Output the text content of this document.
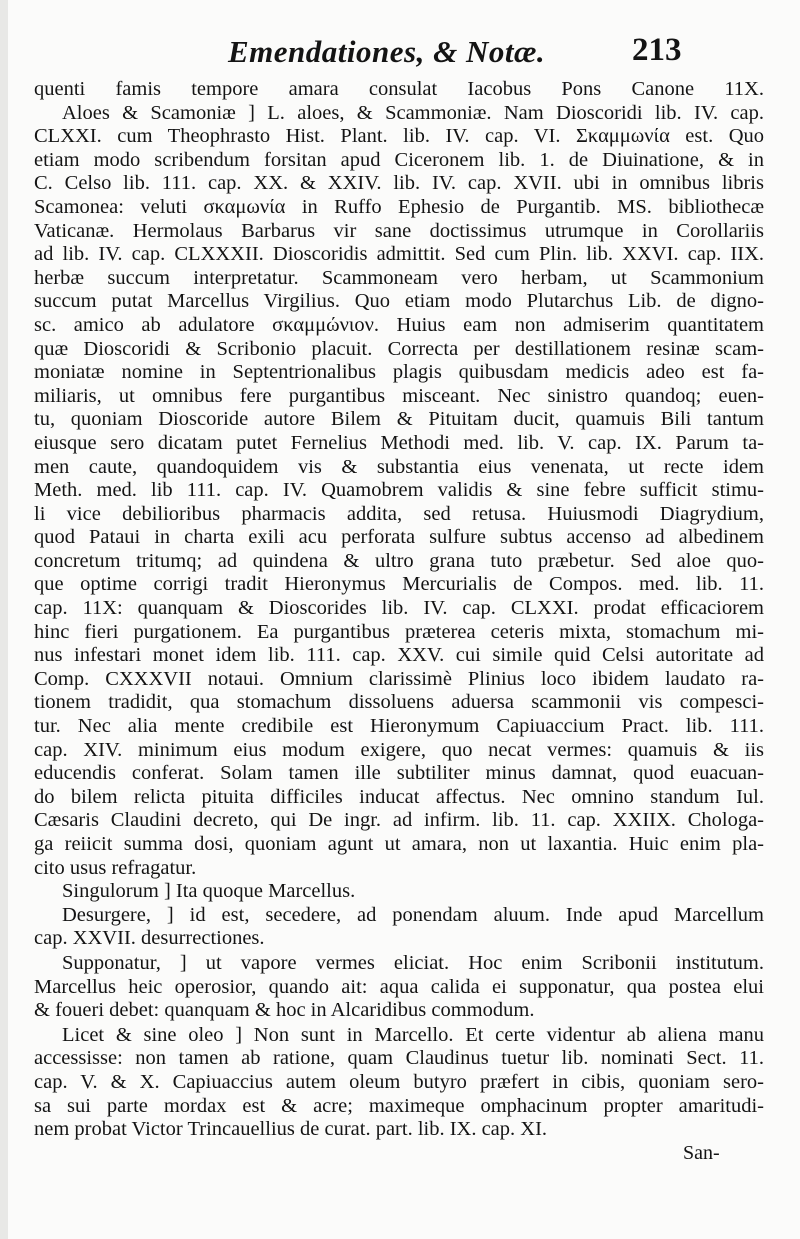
Emendationes, & Notæ.	213
quenti famis tempore amara consulat Iacobus Pons Canone 11X.
Aloes & Scamoniæ ] L. aloes, & Scammoniæ. Nam Dioscoridi lib. IV. cap.
CLXXI. cum Theophrasto Hist. Plant. lib. IV. cap. VI. Σκαμμωνία est. Quo
etiam modo scribendum forsitan apud Ciceronem lib. 1. de Diuinatione, & in
C. Celso lib. 111. cap. XX. & XXIV. lib. IV. cap. XVII. ubi in omnibus libris
Scamonea: veluti σκαμωνία in Ruffo Ephesio de Purgantib. MS. bibliothecæ
Vaticanæ. Hermolaus Barbarus vir sane doctissimus utrumque in Corollariis
ad lib. IV. cap. CLXXXII. Dioscoridis admittit. Sed cum Plin. lib. XXVI. cap. IIX.
herbæ succum interpretatur. Scammoneam vero herbam, ut Scammonium
succum putat Marcellus Virgilius. Quo etiam modo Plutarchus Lib. de digno-
sc. amico ab adulatore σκαμμώνιον. Huius eam non admiserim quantitatem
quæ Dioscoridi & Scribonio placuit. Correcta per destillationem resinæ scam-
moniatæ nomine in Septentrionalibus plagis quibusdam medicis adeo est fa-
miliaris, ut omnibus fere purgantibus misceant. Nec sinistro quandoq; euen-
tu, quoniam Dioscoride autore Bilem & Pituitam ducit, quamuis Bili tantum
eiusque sero dicatam putet Fernelius Methodi med. lib. V. cap. IX. Parum ta-
men caute, quandoquidem vis & substantia eius venenata, ut recte idem
Meth. med. lib 111. cap. IV. Quamobrem validis & sine febre sufficit stimu-
li vice debilioribus pharmacis addita, sed retusa. Huiusmodi Diagrydium,
quod Pataui in charta exili acu perforata sulfure subtus accenso ad albedinem
concretum tritumq; ad quindena & ultro grana tuto præbetur. Sed aloe quo-
que optime corrigi tradit Hieronymus Mercurialis de Compos. med. lib. 11.
cap. 11X: quanquam & Dioscorides lib. IV. cap. CLXXI. prodat efficaciorem
hinc fieri purgationem. Ea purgantibus præterea ceteris mixta, stomachum mi-
nus infestari monet idem lib. 111. cap. XXV. cui simile quid Celsi autoritate ad
Comp. CXXXVII notaui. Omnium clarissimè Plinius loco ibidem laudato ra-
tionem tradidit, qua stomachum dissoluens aduersa scammonii vis compesci-
tur. Nec alia mente credibile est Hieronymum Capiuaccium Pract. lib. 111.
cap. XIV. minimum eius modum exigere, quo necat vermes: quamuis & iis
educendis conferat. Solam tamen ille subtiliter minus damnat, quod euacuan-
do bilem relicta pituita difficiles inducat affectus. Nec omnino standum Iul.
Cæsaris Claudini decreto, qui De ingr. ad infirm. lib. 11. cap. XXIIX. Chologa-
ga reiicit summa dosi, quoniam agunt ut amara, non ut laxantia. Huic enim pla-
cito usus refragatur.
Singulorum ] Ita quoque Marcellus.
Desurgere, ] id est, secedere, ad ponendam aluum. Inde apud Marcellum
cap. XXVII. desurrectiones.
Supponatur, ] ut vapore vermes eliciat. Hoc enim Scribonii institutum.
Marcellus heic operosior, quando ait: aqua calida ei supponatur, qua postea elui
& foueri debet: quanquam & hoc in Alcaridibus commodum.
Licet & sine oleo ] Non sunt in Marcello. Et certe videntur ab aliena manu
accessisse: non tamen ab ratione, quam Claudinus tuetur lib. nominati Sect. 11.
cap. V. & X. Capiuaccius autem oleum butyro præfert in cibis, quoniam sero-
sa sui parte mordax est & acre; maximeque omphacinum propter amaritudi-
nem probat Victor Trincauellius de curat. part. lib. IX. cap. XI.
San-
